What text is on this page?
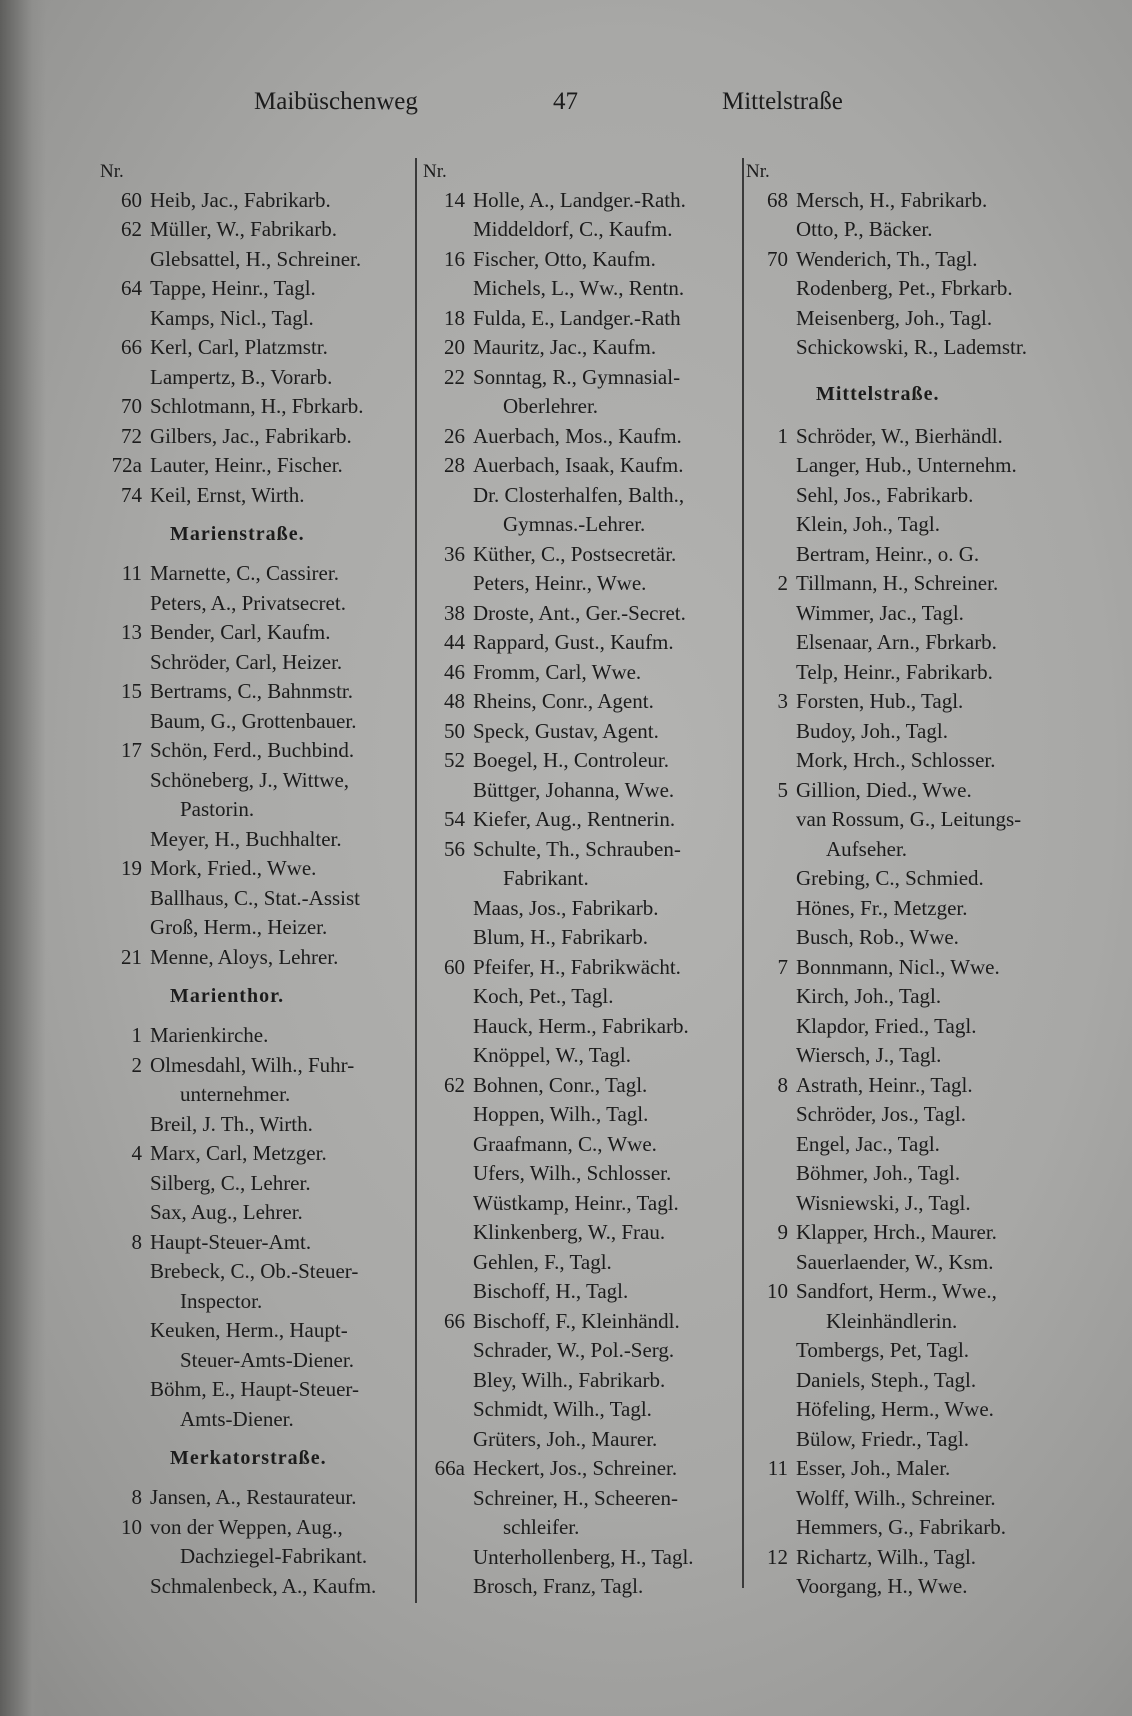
Maibüschenweg	47	Mittelstraße
Nr.
60 Heib, Jac., Fabrikarb.
62 Müller, W., Fabrikarb.
Glebsattel, H., Schreiner.
64 Tappe, Heinr., Tagl.
Kamps, Nicl., Tagl.
66 Kerl, Carl, Platzmstr.
Lampertz, B., Vorarb.
70 Schlotmann, H., Fbrkarb.
72 Gilbers, Jac., Fabrikarb.
72a Lauter, Heinr., Fischer.
74 Keil, Ernst, Wirth.
Marienstraße.
11 Marnette, C., Cassirer.
Peters, A., Privatsecret.
13 Bender, Carl, Kaufm.
Schröder, Carl, Heizer.
15 Bertrams, C., Bahnmstr.
Baum, G., Grottenbauer.
17 Schön, Ferd., Buchbind.
Schöneberg, J., Wittwe,
Pastorin.
Meyer, H., Buchhalter.
19 Mork, Fried., Wwe.
Ballhaus, C., Stat.-Assist
Groß, Herm., Heizer.
21 Menne, Aloys, Lehrer.
Marienthor.
1 Marienkirche.
2 Olmesdahl, Wilh., Fuhr-
unternehmer.
Breil, J. Th., Wirth.
4 Marx, Carl, Metzger.
Silberg, C., Lehrer.
Sax, Aug., Lehrer.
8 Haupt-Steuer-Amt.
Brebeck, C., Ob.-Steuer-
Inspector.
Keuken, Herm., Haupt-
Steuer-Amts-Diener.
Böhm, E., Haupt-Steuer-
Amts-Diener.
Merkatorstraße.
8 Jansen, A., Restaurateur.
10 von der Weppen, Aug.,
Dachziegel-Fabrikant.
Schmalenbeck, A., Kaufm.
Nr.
14 Holle, A., Landger.-Rath.
Middeldorf, C., Kaufm.
16 Fischer, Otto, Kaufm.
Michels, L., Ww., Rentn.
18 Fulda, E., Landger.-Rath
20 Mauritz, Jac., Kaufm.
22 Sonntag, R., Gymnasial-
Oberlehrer.
26 Auerbach, Mos., Kaufm.
28 Auerbach, Isaak, Kaufm.
Dr. Closterhalfen, Balth.,
Gymnas.-Lehrer.
36 Küther, C., Postsecretär.
Peters, Heinr., Wwe.
38 Droste, Ant., Ger.-Secret.
44 Rappard, Gust., Kaufm.
46 Fromm, Carl, Wwe.
48 Rheins, Conr., Agent.
50 Speck, Gustav, Agent.
52 Boegel, H., Controleur.
Büttger, Johanna, Wwe.
54 Kiefer, Aug., Rentnerin.
56 Schulte, Th., Schrauben-
Fabrikant.
Maas, Jos., Fabrikarb.
Blum, H., Fabrikarb.
60 Pfeifer, H., Fabrikwächt.
Koch, Pet., Tagl.
Hauck, Herm., Fabrikarb.
Knöppel, W., Tagl.
62 Bohnen, Conr., Tagl.
Hoppen, Wilh., Tagl.
Graafmann, C., Wwe.
Ufers, Wilh., Schlosser.
Wüstkamp, Heinr., Tagl.
Klinkenberg, W., Frau.
Gehlen, F., Tagl.
Bischoff, H., Tagl.
66 Bischoff, F., Kleinhändl.
Schrader, W., Pol.-Serg.
Bley, Wilh., Fabrikarb.
Schmidt, Wilh., Tagl.
Grüters, Joh., Maurer.
66a Heckert, Jos., Schreiner.
Schreiner, H., Scheeren-
schleifer.
Unterhollenberg, H., Tagl.
Brosch, Franz, Tagl.
Nr.
68 Mersch, H., Fabrikarb.
Otto, P., Bäcker.
70 Wenderich, Th., Tagl.
Rodenberg, Pet., Fbrkarb.
Meisenberg, Joh., Tagl.
Schickowski, R., Lademstr.
Mittelstraße.
1 Schröder, W., Bierhändl.
Langer, Hub., Unternehm.
Sehl, Jos., Fabrikarb.
Klein, Joh., Tagl.
Bertram, Heinr., o. G.
2 Tillmann, H., Schreiner.
Wimmer, Jac., Tagl.
Elsenaar, Arn., Fbrkarb.
Telp, Heinr., Fabrikarb.
3 Forsten, Hub., Tagl.
Budoy, Joh., Tagl.
Mork, Hrch., Schlosser.
5 Gillion, Died., Wwe.
van Rossum, G., Leitungs-
Aufseher.
Grebing, C., Schmied.
Hönes, Fr., Metzger.
Busch, Rob., Wwe.
7 Bonnmann, Nicl., Wwe.
Kirch, Joh., Tagl.
Klapdor, Fried., Tagl.
Wiersch, J., Tagl.
8 Astrath, Heinr., Tagl.
Schröder, Jos., Tagl.
Engel, Jac., Tagl.
Böhmer, Joh., Tagl.
Wisniewski, J., Tagl.
9 Klapper, Hrch., Maurer.
Sauerlaender, W., Ksm.
10 Sandfort, Herm., Wwe.,
Kleinhändlerin.
Tombergs, Pet, Tagl.
Daniels, Steph., Tagl.
Höfeling, Herm., Wwe.
Bülow, Friedr., Tagl.
11 Esser, Joh., Maler.
Wolff, Wilh., Schreiner.
Hemmers, G., Fabrikarb.
12 Richartz, Wilh., Tagl.
Voorgang, H., Wwe.
